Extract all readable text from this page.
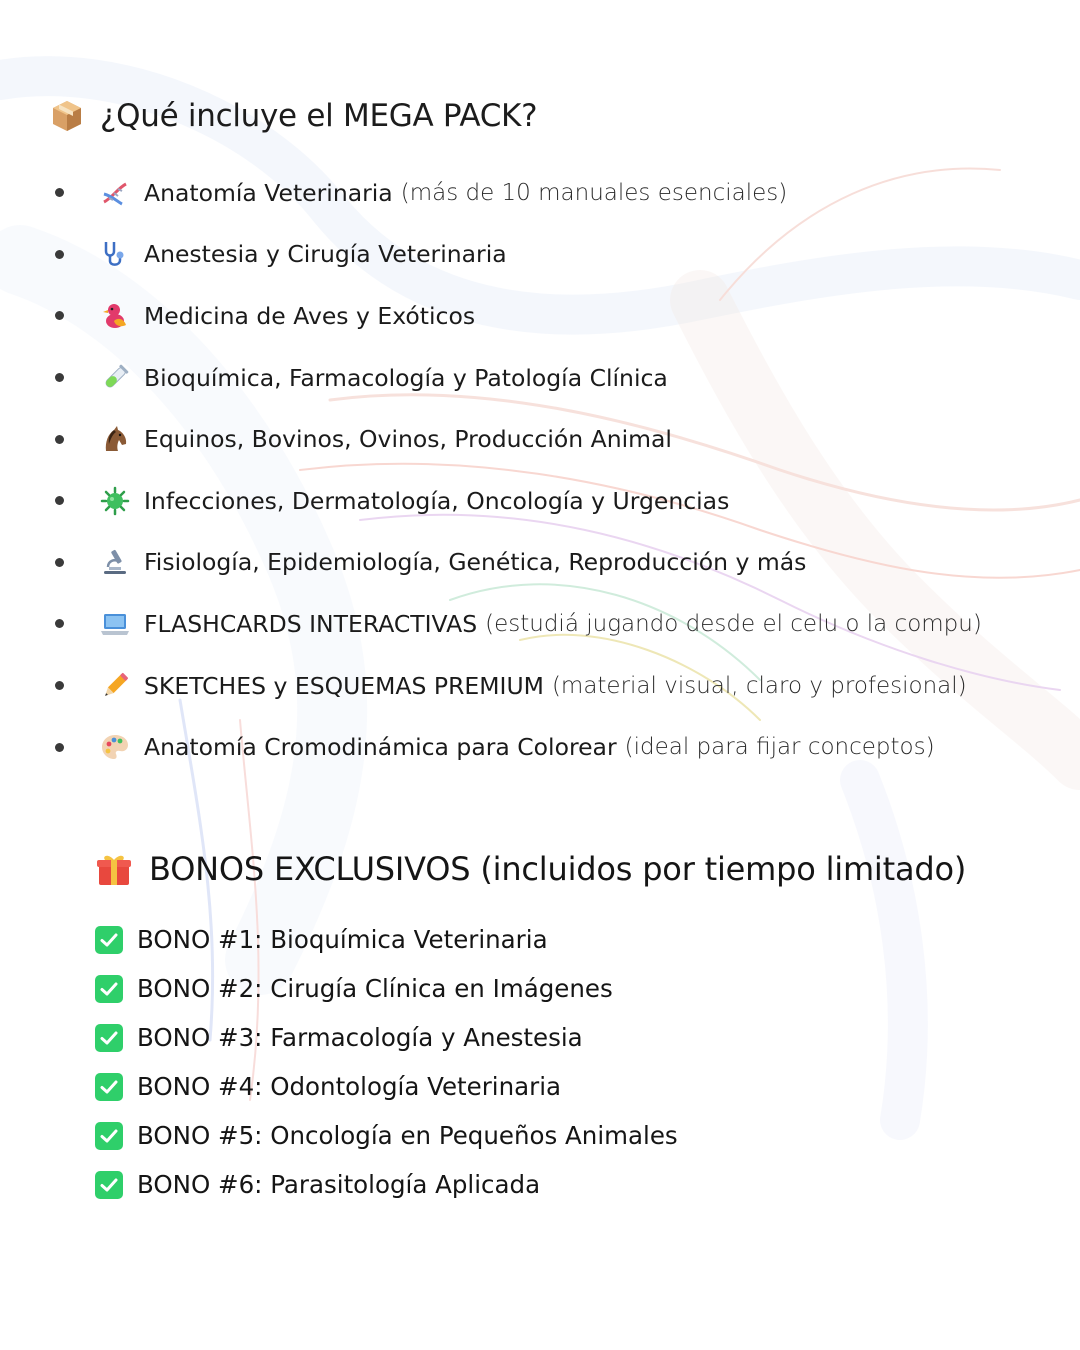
¿Qué incluye el MEGA PACK?
Anatomía Veterinaria (más de 10 manuales esenciales)
Anestesia y Cirugía Veterinaria
Medicina de Aves y Exóticos
Bioquímica, Farmacología y Patología Clínica
Equinos, Bovinos, Ovinos, Producción Animal
Infecciones, Dermatología, Oncología y Urgencias
Fisiología, Epidemiología, Genética, Reproducción y más
FLASHCARDS INTERACTIVAS (estudiá jugando desde el celu o la compu)
SKETCHES y ESQUEMAS PREMIUM (material visual, claro y profesional)
Anatomía Cromodinámica para Colorear (ideal para fijar conceptos)
BONOS EXCLUSIVOS (incluidos por tiempo limitado)
BONO #1: Bioquímica Veterinaria
BONO #2: Cirugía Clínica en Imágenes
BONO #3: Farmacología y Anestesia
BONO #4: Odontología Veterinaria
BONO #5: Oncología en Pequeños Animales
BONO #6: Parasitología Aplicada
